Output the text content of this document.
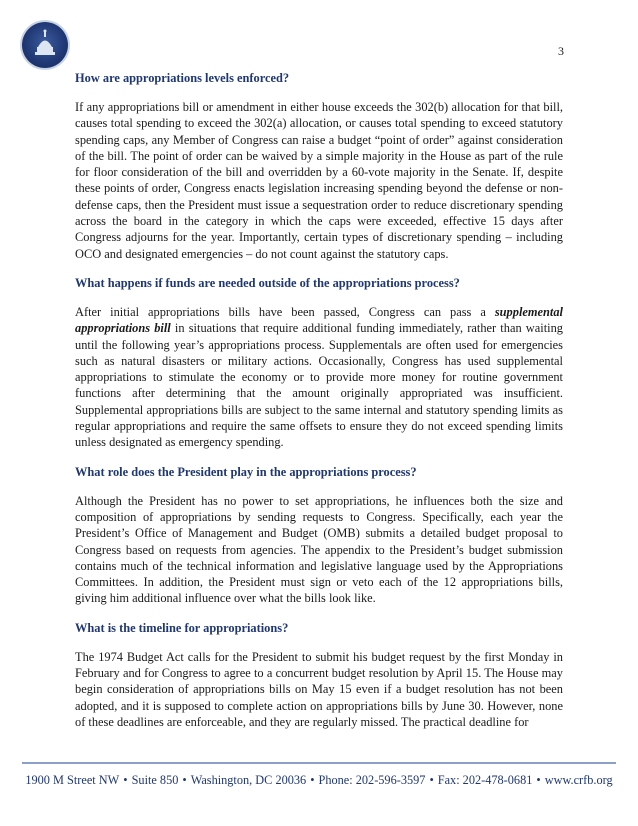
3
How are appropriations levels enforced?

If any appropriations bill or amendment in either house exceeds the 302(b) allocation for that bill, causes total spending to exceed the 302(a) allocation, or causes total spending to exceed statutory spending caps, any Member of Congress can raise a budget “point of order” against consideration of the bill. The point of order can be waived by a simple majority in the House as part of the rule for floor consideration of the bill and overridden by a 60-vote majority in the Senate. If, despite these points of order, Congress enacts legislation increasing spending beyond the defense or non-defense caps, then the President must issue a sequestration order to reduce discretionary spending across the board in the category in which the caps were exceeded, effective 15 days after Congress adjourns for the year. Importantly, certain types of discretionary spending – including OCO and designated emergencies – do not count against the statutory caps.

What happens if funds are needed outside of the appropriations process?

After initial appropriations bills have been passed, Congress can pass a supplemental appropriations bill in situations that require additional funding immediately, rather than waiting until the following year’s appropriations process. Supplementals are often used for emergencies such as natural disasters or military actions. Occasionally, Congress has used supplemental appropriations to stimulate the economy or to provide more money for routine government functions after determining that the amount originally appropriated was insufficient. Supplemental appropriations bills are subject to the same internal and statutory spending limits as regular appropriations and require the same offsets to ensure they do not exceed spending limits unless designated as emergency spending.

What role does the President play in the appropriations process?

Although the President has no power to set appropriations, he influences both the size and composition of appropriations by sending requests to Congress. Specifically, each year the President’s Office of Management and Budget (OMB) submits a detailed budget proposal to Congress based on requests from agencies. The appendix to the President’s budget submission contains much of the technical information and legislative language used by the Appropriations Committees. In addition, the President must sign or veto each of the 12 appropriations bills, giving him additional influence over what the bills look like.

What is the timeline for appropriations?

The 1974 Budget Act calls for the President to submit his budget request by the first Monday in February and for Congress to agree to a concurrent budget resolution by April 15. The House may begin consideration of appropriations bills on May 15 even if a budget resolution has not been adopted, and it is supposed to complete action on appropriations bills by June 30. However, none of these deadlines are enforceable, and they are regularly missed. The practical deadline for

1900 M Street NW • Suite 850 • Washington, DC 20036 • Phone: 202-596-3597 • Fax: 202-478-0681 • www.crfb.org
